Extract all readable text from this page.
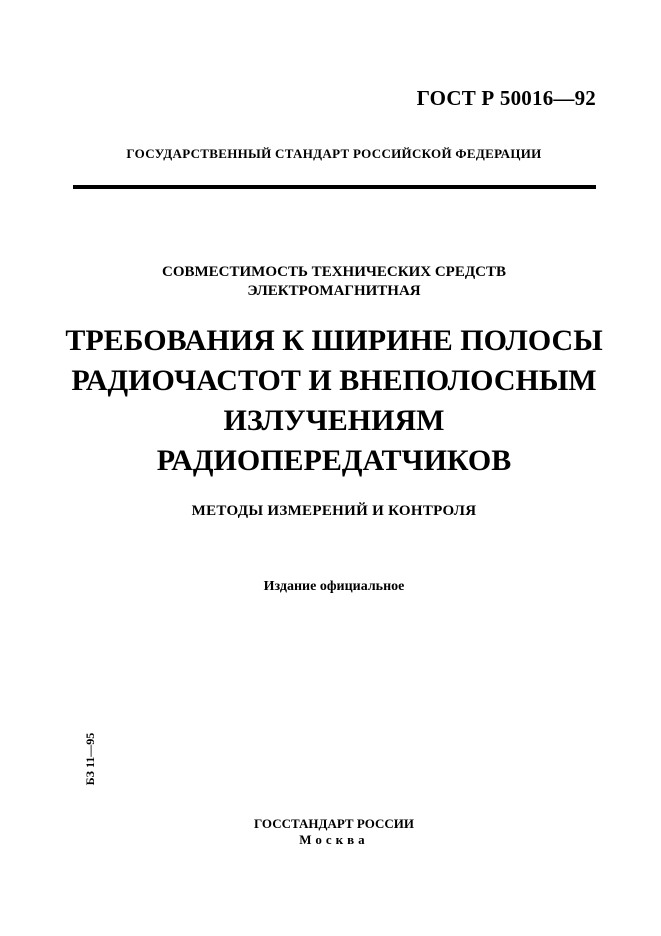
ГОСТ Р 50016—92
ГОСУДАРСТВЕННЫЙ СТАНДАРТ РОССИЙСКОЙ ФЕДЕРАЦИИ
СОВМЕСТИМОСТЬ ТЕХНИЧЕСКИХ СРЕДСТВ
ЭЛЕКТРОМАГНИТНАЯ
ТРЕБОВАНИЯ К ШИРИНЕ ПОЛОСЫ
РАДИОЧАСТОТ И ВНЕПОЛОСНЫМ
ИЗЛУЧЕНИЯМ
РАДИОПЕРЕДАТЧИКОВ
МЕТОДЫ ИЗМЕРЕНИЙ И КОНТРОЛЯ
Издание официальное
БЗ 11—95
ГОССТАНДАРТ РОССИИ
Москва
